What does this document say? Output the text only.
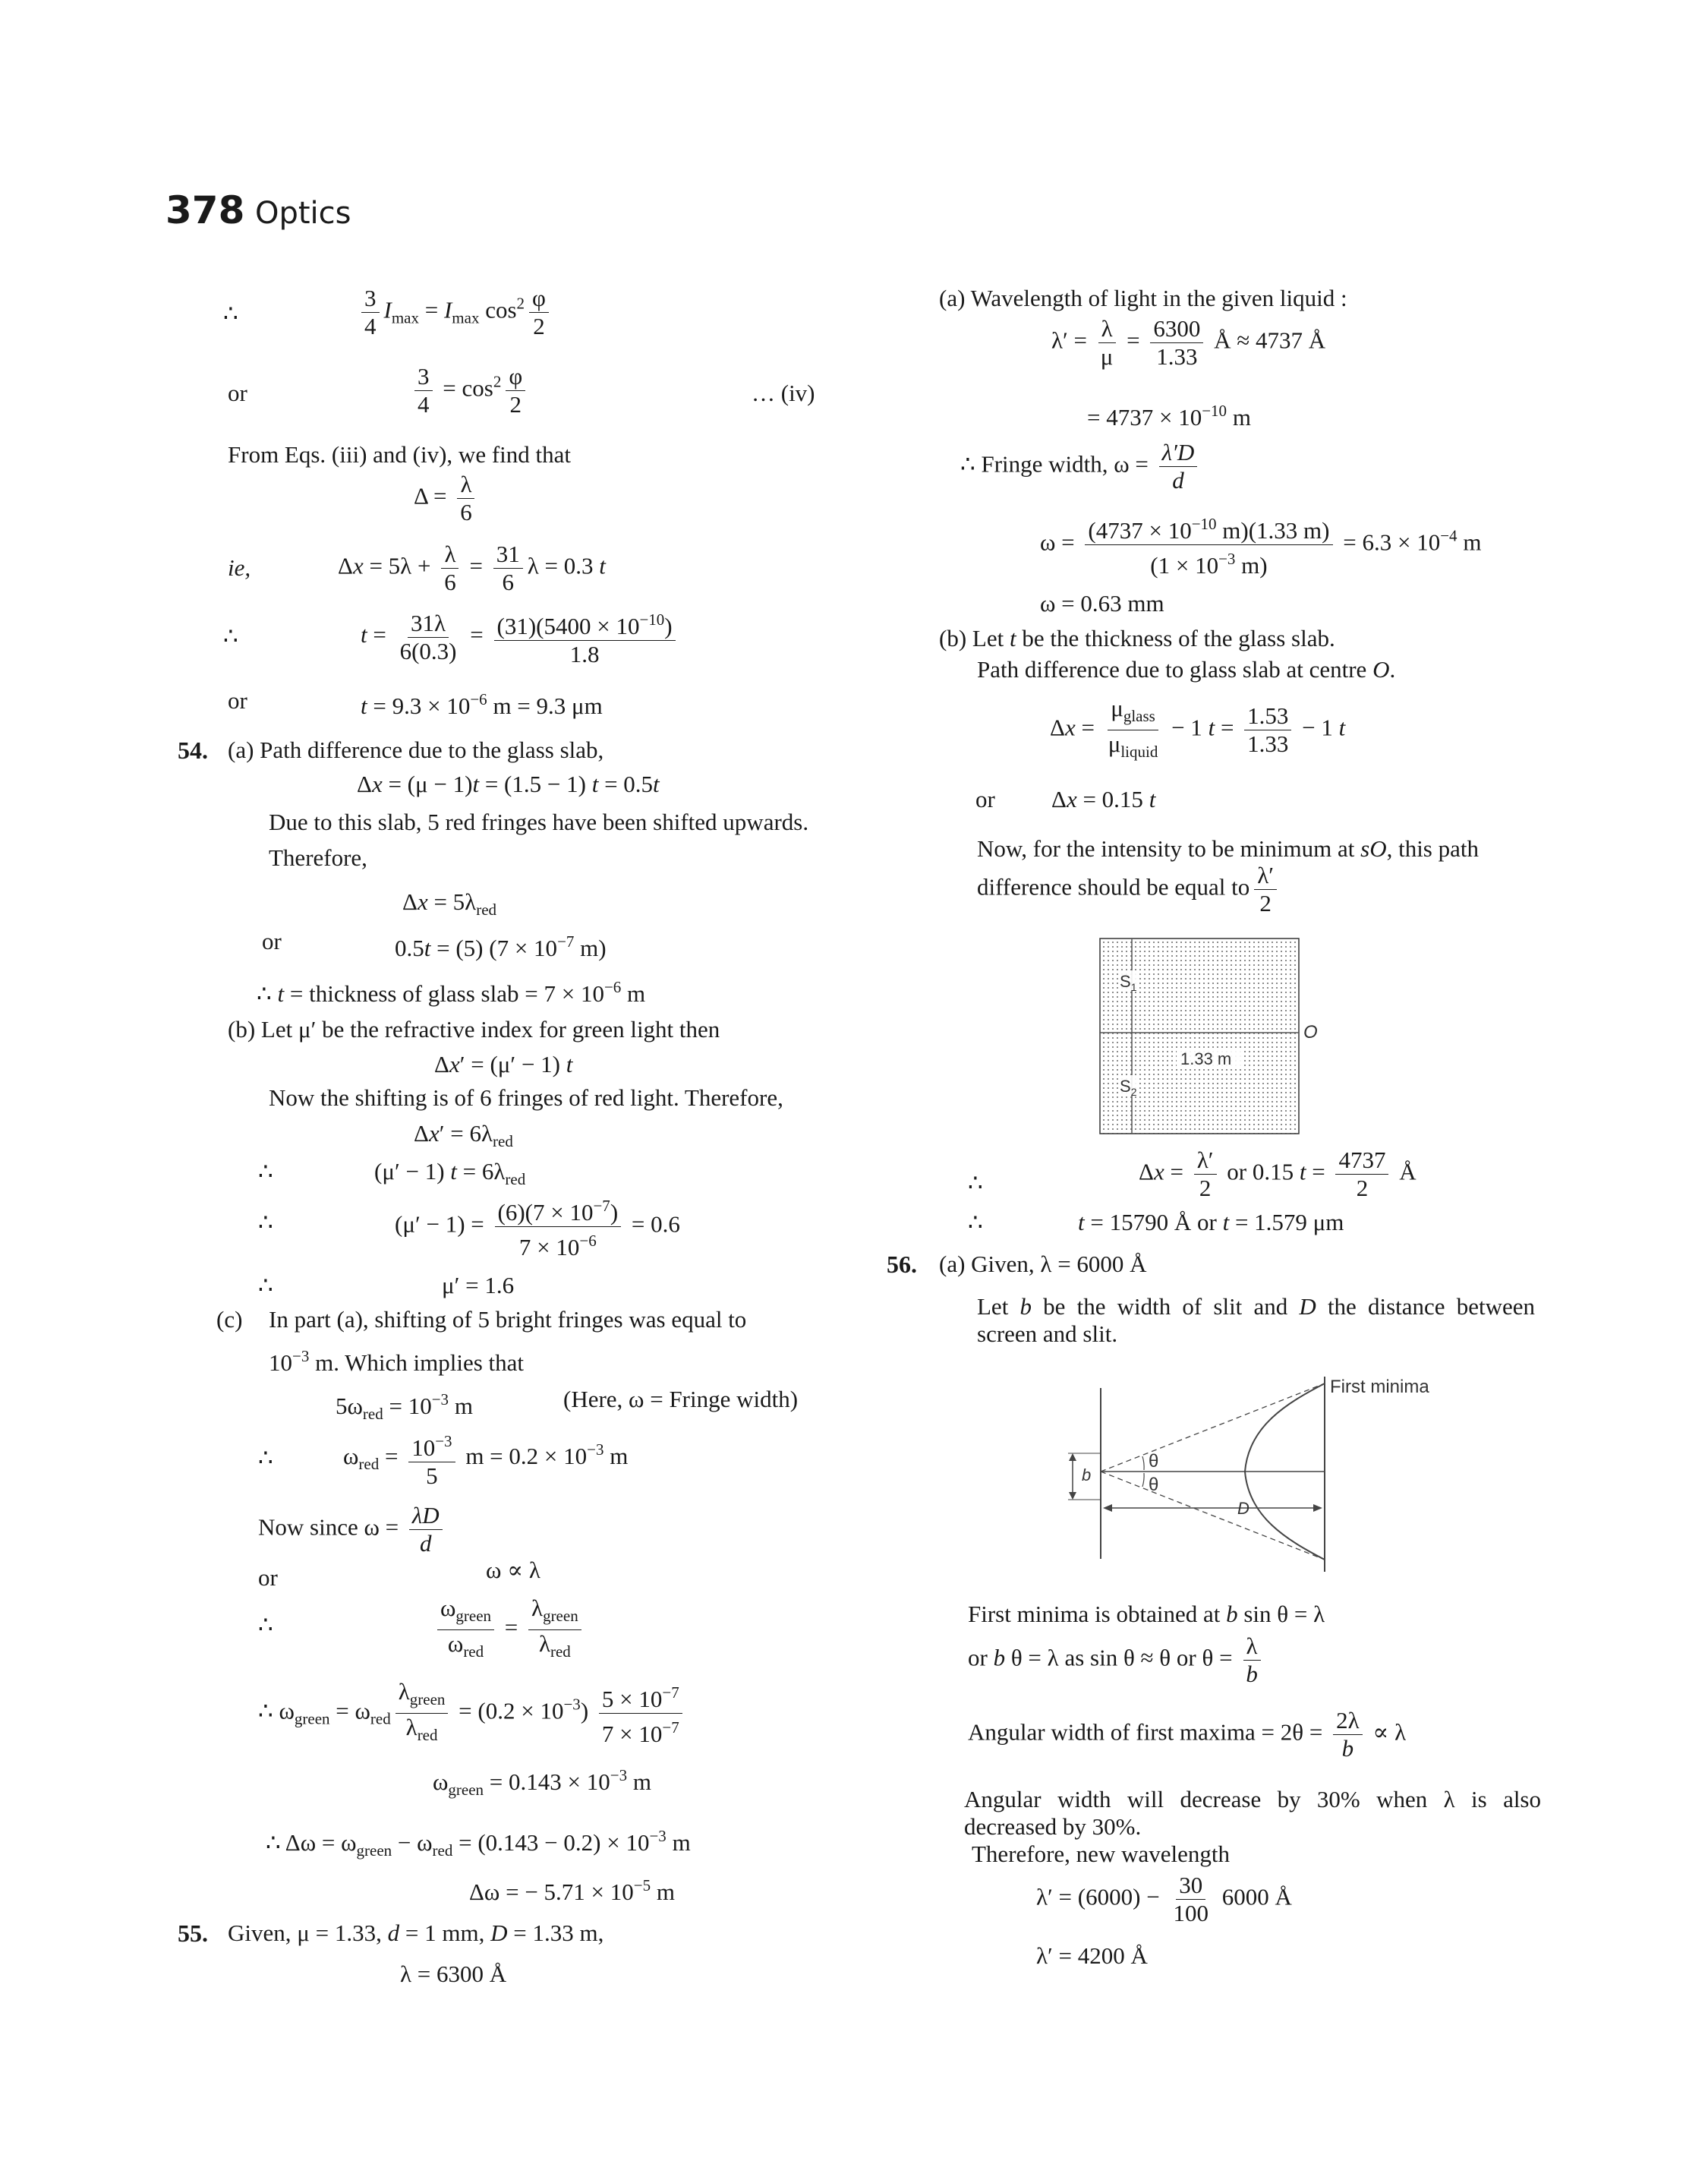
378 Optics
∴	$\frac{3}{4} I_{max} = I_{max}$ $\cos^2 \frac{\varphi}{2}$
or	$\frac{3}{4} = \cos^2 \frac{\varphi}{2}$	… (iv)
From Eqs. (iii) and (iv), we find that
$\Delta = \frac{\lambda}{6}$
ie,	$\Delta x = 5\lambda + \frac{\lambda}{6} = \frac{31}{6}$ λ = 0.3 t
∴	$t = \frac{31\lambda}{6(0.3)} = \frac{(31)(5400 \times 10^{-10})}{1.8}$
or	$t = 9.3 \times 10^{-6}$ m = 9.3 μm
54. (a) Path difference due to the glass slab,
Δx = (μ − 1)t = (1.5 − 1) t = 0.5t
Due to this slab, 5 red fringes have been shifted upwards.
Therefore,
$\Delta x = 5\lambda_{red}$
or	0.5t = (5) ($7 \times 10^{-7}$ m)
∴ t = thickness of glass slab = $7 \times 10^{-6}$ m
(b) Let μ′ be the refractive index for green light then
Δx′ = (μ′ − 1) t
Now the shifting is of 6 fringes of red light. Therefore,
$\Delta x' = 6\lambda_{red}$
∴	(μ′ − 1) $t = 6\lambda_{red}$
∴	$(\mu' - 1) = \frac{(6)(7 \times 10^{-7})}{7 \times 10^{-6}} = 0.6$
∴	μ′ = 1.6
(c) In part (a), shifting of 5 bright fringes was equal to
$10^{-3}$ m. Which implies that
$5\omega_{red} = 10^{-3}$ m	(Here, ω = Fringe width)
∴	$\omega_{red} = \frac{10^{-3}}{5}$ $m = 0.2 \times 10^{-3}$ m
Now since $\omega = \frac{\lambda D}{d}$
or	ω ∝ λ
∴	$\frac{\omega_{green}}{\omega_{red}} = \frac{\lambda_{green}}{\lambda_{red}}$
∴ $\omega_{green} = \omega_{red} \frac{\lambda_{green}}{\lambda_{red}} = (0.2 \times 10^{-3}) \frac{5 \times 10^{-7}}{7 \times 10^{-7}}$
$\omega_{green} = 0.143 \times 10^{-3}$ m
∴ $\Delta\omega = \omega_{green} - \omega_{red} = (0.143 - 0.2) \times 10^{-3}$ m
Δω = − $5.71 \times 10^{-5}$ m
55. Given, μ = 1.33, d = 1 mm, D = 1.33 m,
λ = 6300 Å
(a) Wavelength of light in the given liquid :
$\lambda' = \frac{\lambda}{\mu} = \frac{6300}{1.33}$ Å ≈ 4737 Å
= $4737 \times 10^{-10}$ m
∴ Fringe width, $\omega = \frac{\lambda'D}{d}$
$\omega = \frac{(4737 \times 10^{-10} m)(1.33 m)}{(1 \times 10^{-3} m)} = 6.3 \times 10^{-4}$ m
ω = 0.63 mm
(b) Let t be the thickness of the glass slab.
Path difference due to glass slab at centre O.
$\Delta x = \frac{\mu_{glass}}{\mu_{liquid}} - 1$ $t = \frac{1.53}{1.33} - 1$ t
or Δx = 0.15 t
Now, for the intensity to be minimum at sO, this path
difference should be equal to $\frac{\lambda'}{2}$
$S_1$
$S_2$
1.33 m
O
∴	$\Delta x = \frac{\lambda'}{2}$ or 0.15 $t = \frac{4737}{2}$ Å
∴	t = 15790 Å or t = 1.579 μm
56. (a) Given, λ = 6000 Å
Let b be the width of slit and D the distance between screen and slit.
b
θ
θ
D
First minima
First minima is obtained at b sin θ = λ
or b θ = λ as sin θ ≈ θ or $\theta = \frac{\lambda}{b}$
Angular width of first maxima = $2\theta = \frac{2\lambda}{b} \propto \lambda$
Angular width will decrease by 30% when λ is also decreased by 30%.
Therefore, new wavelength
$\lambda' = (6000) - \frac{30}{100} 6000$ Å
λ′ = 4200 Å
